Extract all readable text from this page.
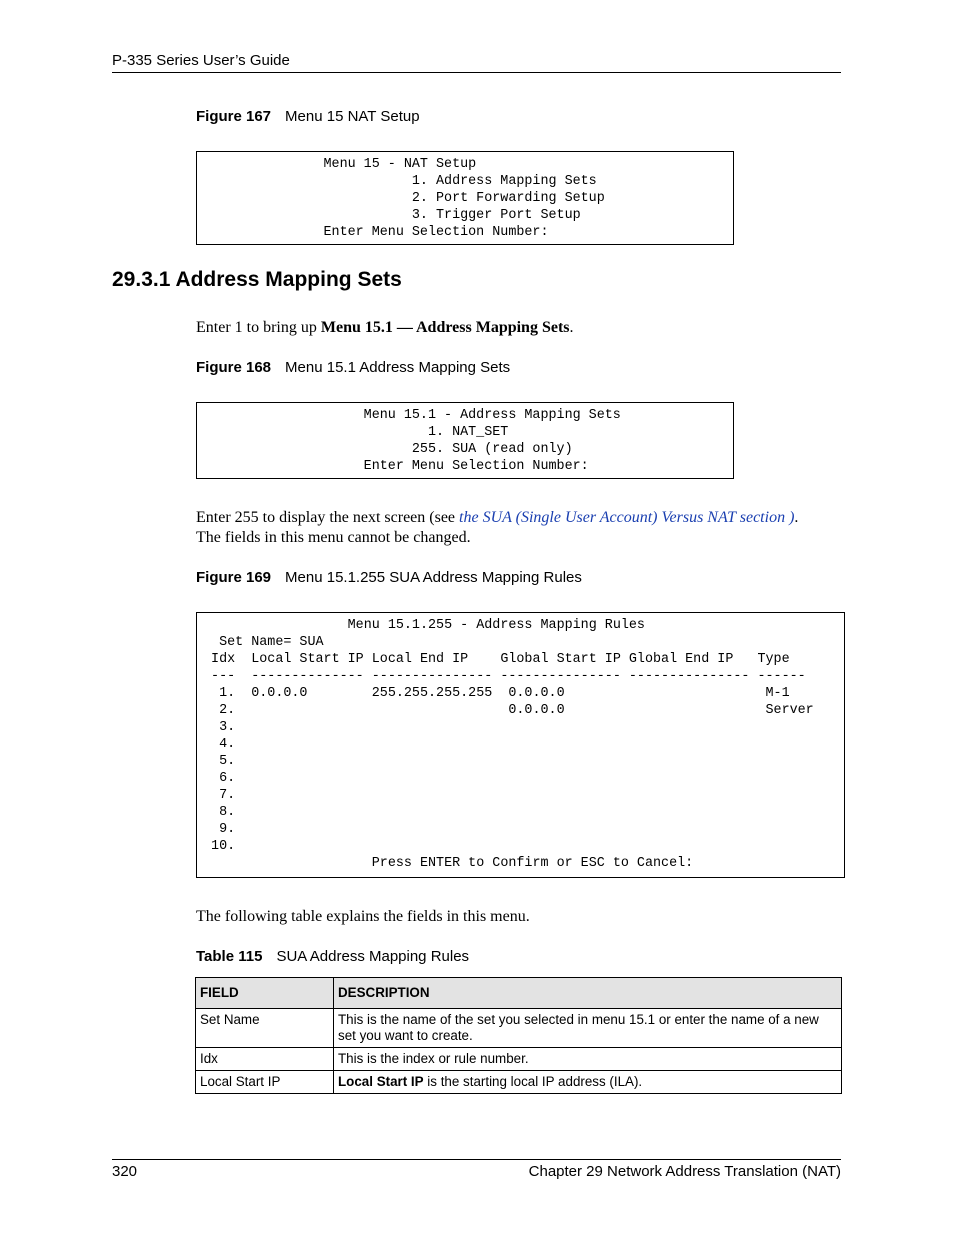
P-335 Series User’s Guide
Figure 167 Menu 15 NAT Setup
Menu 15 - NAT Setup
1. Address Mapping Sets
2. Port Forwarding Setup
3. Trigger Port Setup
Enter Menu Selection Number:
29.3.1 Address Mapping Sets
Enter 1 to bring up Menu 15.1 — Address Mapping Sets.
Figure 168 Menu 15.1 Address Mapping Sets
Menu 15.1 - Address Mapping Sets
1. NAT_SET
255. SUA (read only)
Enter Menu Selection Number:
Enter 255 to display the next screen (see the SUA (Single User Account) Versus NAT section ).
The fields in this menu cannot be changed.
Figure 169 Menu 15.1.255 SUA Address Mapping Rules
Menu 15.1.255 - Address Mapping Rules
Set Name= SUA
Idx  Local Start IP Local End IP    Global Start IP Global End IP   Type
---  -------------- --------------- --------------- --------------- ------
1.  0.0.0.0        255.255.255.255  0.0.0.0                         M-1
2.                                  0.0.0.0                         Server
3.
4.
5.
6.
7.
8.
9.
10.
Press ENTER to Confirm or ESC to Cancel:
The following table explains the fields in this menu.
Table 115 SUA Address Mapping Rules
FIELD	DESCRIPTION
Set Name	This is the name of the set you selected in menu 15.1 or enter the name of a new set you want to create.
Idx	This is the index or rule number.
Local Start IP	Local Start IP is the starting local IP address (ILA).
320	Chapter 29 Network Address Translation (NAT)
